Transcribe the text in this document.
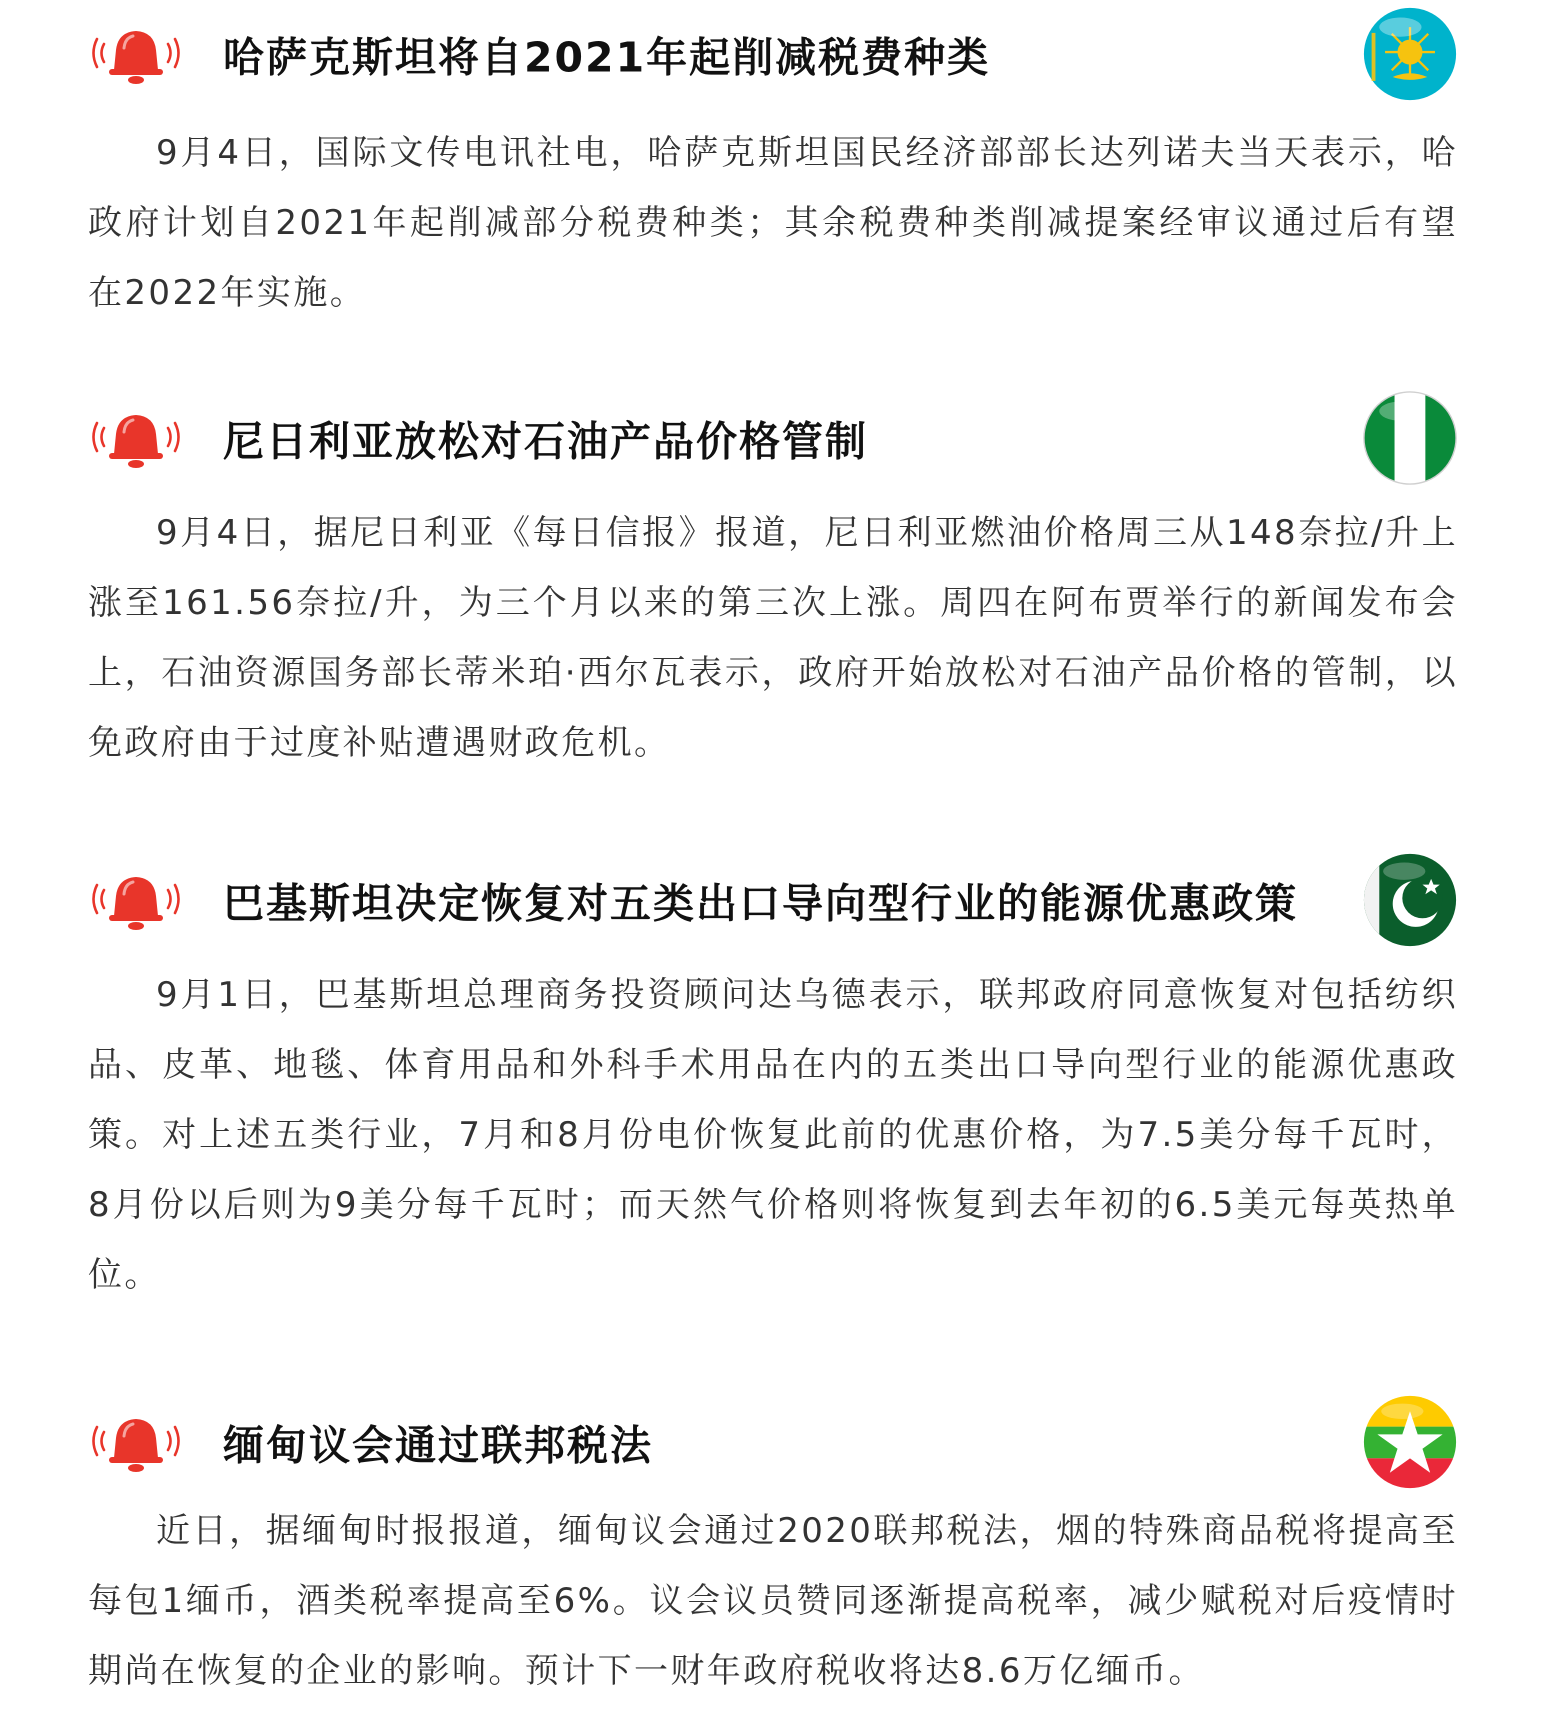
哈萨克斯坦将自2021年起削减税费种类

9月4日，国际文传电讯社电，哈萨克斯坦国民经济部部长达列诺夫当天表示，哈政府计划自2021年起削减部分税费种类；其余税费种类削减提案经审议通过后有望在2022年实施。

尼日利亚放松对石油产品价格管制

9月4日，据尼日利亚《每日信报》报道，尼日利亚燃油价格周三从148奈拉/升上涨至161.56奈拉/升，为三个月以来的第三次上涨。周四在阿布贾举行的新闻发布会上，石油资源国务部长蒂米珀·西尔瓦表示，政府开始放松对石油产品价格的管制，以免政府由于过度补贴遭遇财政危机。

巴基斯坦决定恢复对五类出口导向型行业的能源优惠政策

9月1日，巴基斯坦总理商务投资顾问达乌德表示，联邦政府同意恢复对包括纺织品、皮革、地毯、体育用品和外科手术用品在内的五类出口导向型行业的能源优惠政策。对上述五类行业，7月和8月份电价恢复此前的优惠价格，为7.5美分每千瓦时，8月份以后则为9美分每千瓦时；而天然气价格则将恢复到去年初的6.5美元每英热单位。

缅甸议会通过联邦税法

近日，据缅甸时报报道，缅甸议会通过2020联邦税法，烟的特殊商品税将提高至每包1缅币，酒类税率提高至6%。议会议员赞同逐渐提高税率，减少赋税对后疫情时期尚在恢复的企业的影响。预计下一财年政府税收将达8.6万亿缅币。
